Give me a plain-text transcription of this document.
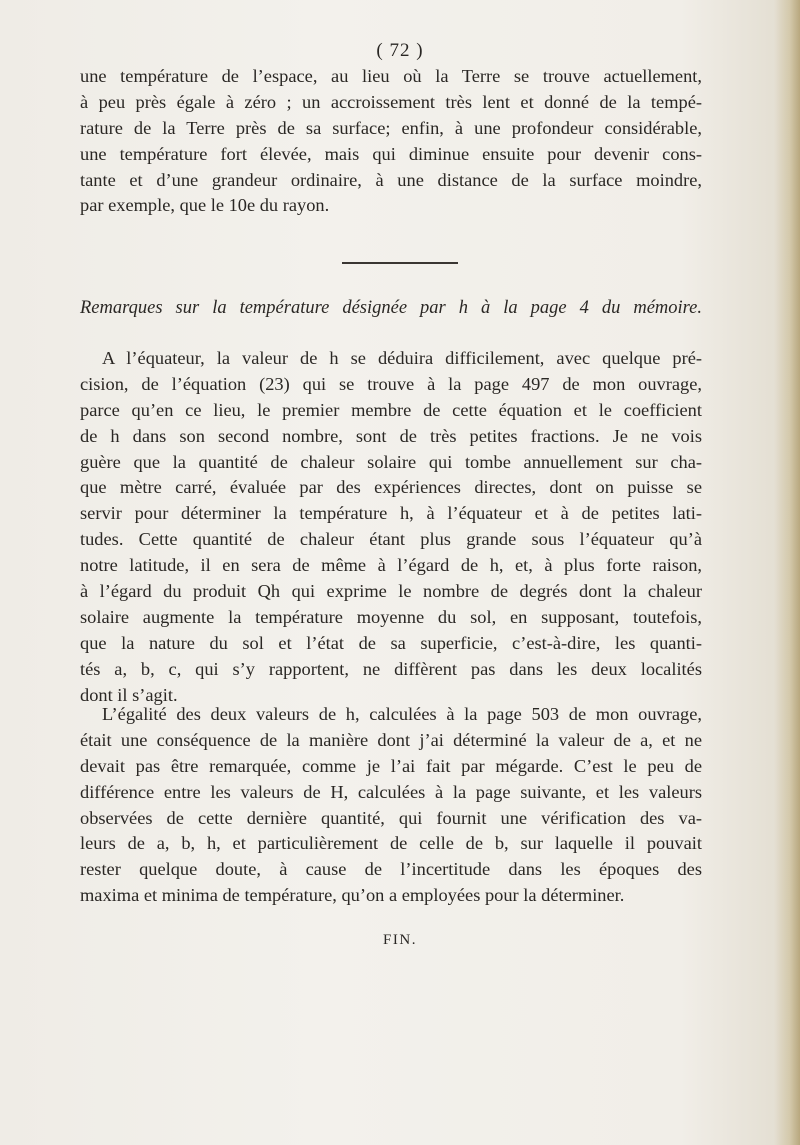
( 72 )
une température de l’espace, au lieu où la Terre se trouve actuellement,
à peu près égale à zéro ; un accroissement très lent et donné de la tempé-
rature de la Terre près de sa surface; enfin, à une profondeur considérable,
une température fort élevée, mais qui diminue ensuite pour devenir cons-
tante et d’une grandeur ordinaire, à une distance de la surface moindre,
par exemple, que le 10e du rayon.
Remarques sur la température désignée par h à la page 4 du mémoire.
A l’équateur, la valeur de h se déduira difficilement, avec quelque pré-
cision, de l’équation (23) qui se trouve à la page 497 de mon ouvrage,
parce qu’en ce lieu, le premier membre de cette équation et le coefficient
de h dans son second nombre, sont de très petites fractions. Je ne vois
guère que la quantité de chaleur solaire qui tombe annuellement sur cha-
que mètre carré, évaluée par des expériences directes, dont on puisse se
servir pour déterminer la température h, à l’équateur et à de petites lati-
tudes. Cette quantité de chaleur étant plus grande sous l’équateur qu’à
notre latitude, il en sera de même à l’égard de h, et, à plus forte raison,
à l’égard du produit Qh qui exprime le nombre de degrés dont la chaleur
solaire augmente la température moyenne du sol, en supposant, toutefois,
que la nature du sol et l’état de sa superficie, c’est-à-dire, les quanti-
tés a, b, c, qui s’y rapportent, ne diffèrent pas dans les deux localités
dont il s’agit.
L’égalité des deux valeurs de h, calculées à la page 503 de mon ouvrage,
était une conséquence de la manière dont j’ai déterminé la valeur de a, et ne
devait pas être remarquée, comme je l’ai fait par mégarde. C’est le peu de
différence entre les valeurs de H, calculées à la page suivante, et les valeurs
observées de cette dernière quantité, qui fournit une vérification des va-
leurs de a, b, h, et particulièrement de celle de b, sur laquelle il pouvait
rester quelque doute, à cause de l’incertitude dans les époques des
maxima et minima de température, qu’on a employées pour la déterminer.
FIN.
